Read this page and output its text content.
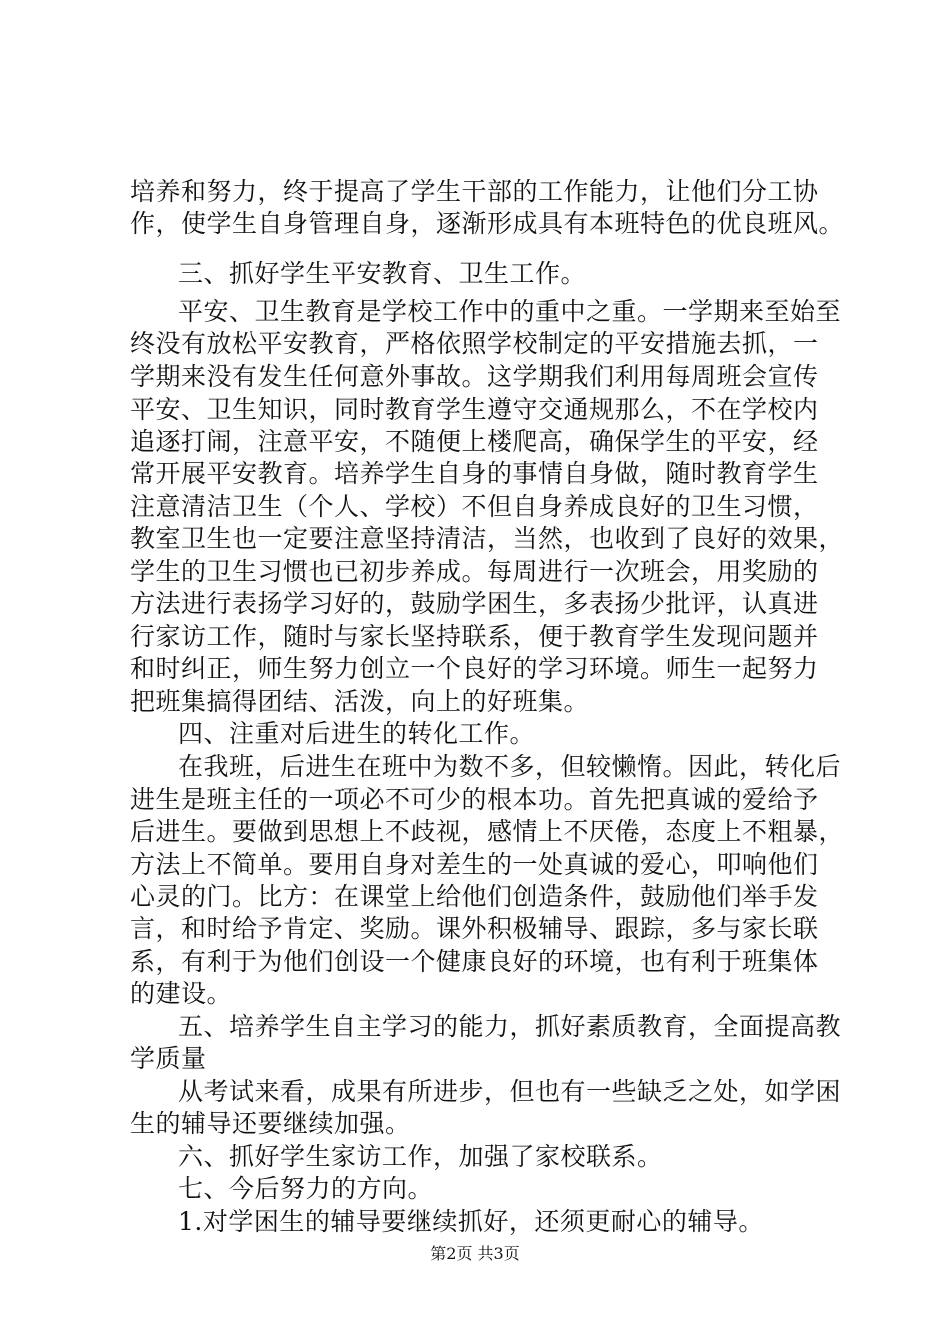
培养和努力，终于提高了学生干部的工作能力，让他们分工协
作，使学生自身管理自身，逐渐形成具有本班特色的优良班风。
三、抓好学生平安教育、卫生工作。
平安、卫生教育是学校工作中的重中之重。一学期来至始至
终没有放松平安教育，严格依照学校制定的平安措施去抓，一
学期来没有发生任何意外事故。这学期我们利用每周班会宣传
平安、卫生知识，同时教育学生遵守交通规那么，不在学校内
追逐打闹，注意平安，不随便上楼爬高，确保学生的平安，经
常开展平安教育。培养学生自身的事情自身做，随时教育学生
注意清洁卫生（个人、学校）不但自身养成良好的卫生习惯，
教室卫生也一定要注意坚持清洁，当然，也收到了良好的效果，
学生的卫生习惯也已初步养成。每周进行一次班会，用奖励的
方法进行表扬学习好的，鼓励学困生，多表扬少批评，认真进
行家访工作，随时与家长坚持联系，便于教育学生发现问题并
和时纠正，师生努力创立一个良好的学习环境。师生一起努力
把班集搞得团结、活泼，向上的好班集。
四、注重对后进生的转化工作。
在我班，后进生在班中为数不多，但较懒惰。因此，转化后
进生是班主任的一项必不可少的根本功。首先把真诚的爱给予
后进生。要做到思想上不歧视，感情上不厌倦，态度上不粗暴，
方法上不简单。要用自身对差生的一处真诚的爱心，叩响他们
心灵的门。比方：在课堂上给他们创造条件，鼓励他们举手发
言，和时给予肯定、奖励。课外积极辅导、跟踪，多与家长联
系，有利于为他们创设一个健康良好的环境，也有利于班集体
的建设。
五、培养学生自主学习的能力，抓好素质教育，全面提高教
学质量
从考试来看，成果有所进步，但也有一些缺乏之处，如学困
生的辅导还要继续加强。
六、抓好学生家访工作，加强了家校联系。
七、今后努力的方向。
1.对学困生的辅导要继续抓好，还须更耐心的辅导。
第2页 共3页
